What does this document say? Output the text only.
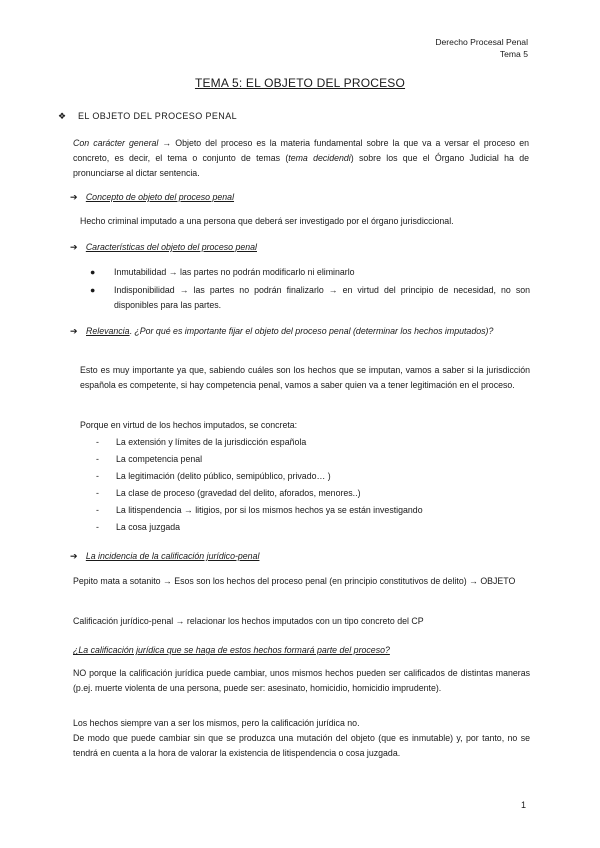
Derecho Procesal Penal
Tema 5
TEMA 5: EL OBJETO DEL PROCESO
❖ EL OBJETO DEL PROCESO PENAL
Con carácter general → Objeto del proceso es la materia fundamental sobre la que va a versar el proceso en concreto, es decir, el tema o conjunto de temas (tema decidendi) sobre los que el Órgano Judicial ha de pronunciarse al dictar sentencia.
➔ Concepto de objeto del proceso penal
Hecho criminal imputado a una persona que deberá ser investigado por el órgano jurisdiccional.
➔ Características del objeto del proceso penal
● Inmutabilidad → las partes no podrán modificarlo ni eliminarlo
● Indisponibilidad → las partes no podrán finalizarlo → en virtud del principio de necesidad, no son disponibles para las partes.
➔ Relevancia. ¿Por qué es importante fijar el objeto del proceso penal (determinar los hechos imputados)?
Esto es muy importante ya que, sabiendo cuáles son los hechos que se imputan, vamos a saber si la jurisdicción española es competente, si hay competencia penal, vamos a saber quien va a tener legitimación en el proceso.
Porque en virtud de los hechos imputados, se concreta:
- La extensión y límites de la jurisdicción española
- La competencia penal
- La legitimación (delito público, semipúblico, privado… )
- La clase de proceso (gravedad del delito, aforados, menores..)
- La litispendencia → litigios, por si los mismos hechos ya se están investigando
- La cosa juzgada
➔ La incidencia de la calificación jurídico-penal
Pepito mata a sotanito → Esos son los hechos del proceso penal (en principio constitutivos de delito) → OBJETO
Calificación jurídico-penal → relacionar los hechos imputados con un tipo concreto del CP
¿La calificación jurídica que se haga de estos hechos formará parte del proceso?
NO porque la calificación jurídica puede cambiar, unos mismos hechos pueden ser calificados de distintas maneras (p.ej. muerte violenta de una persona, puede ser: asesinato, homicidio, homicidio imprudente).
Los hechos siempre van a ser los mismos, pero la calificación jurídica no.
De modo que puede cambiar sin que se produzca una mutación del objeto (que es inmutable) y, por tanto, no se tendrá en cuenta a la hora de valorar la existencia de litispendencia o cosa juzgada.
1
